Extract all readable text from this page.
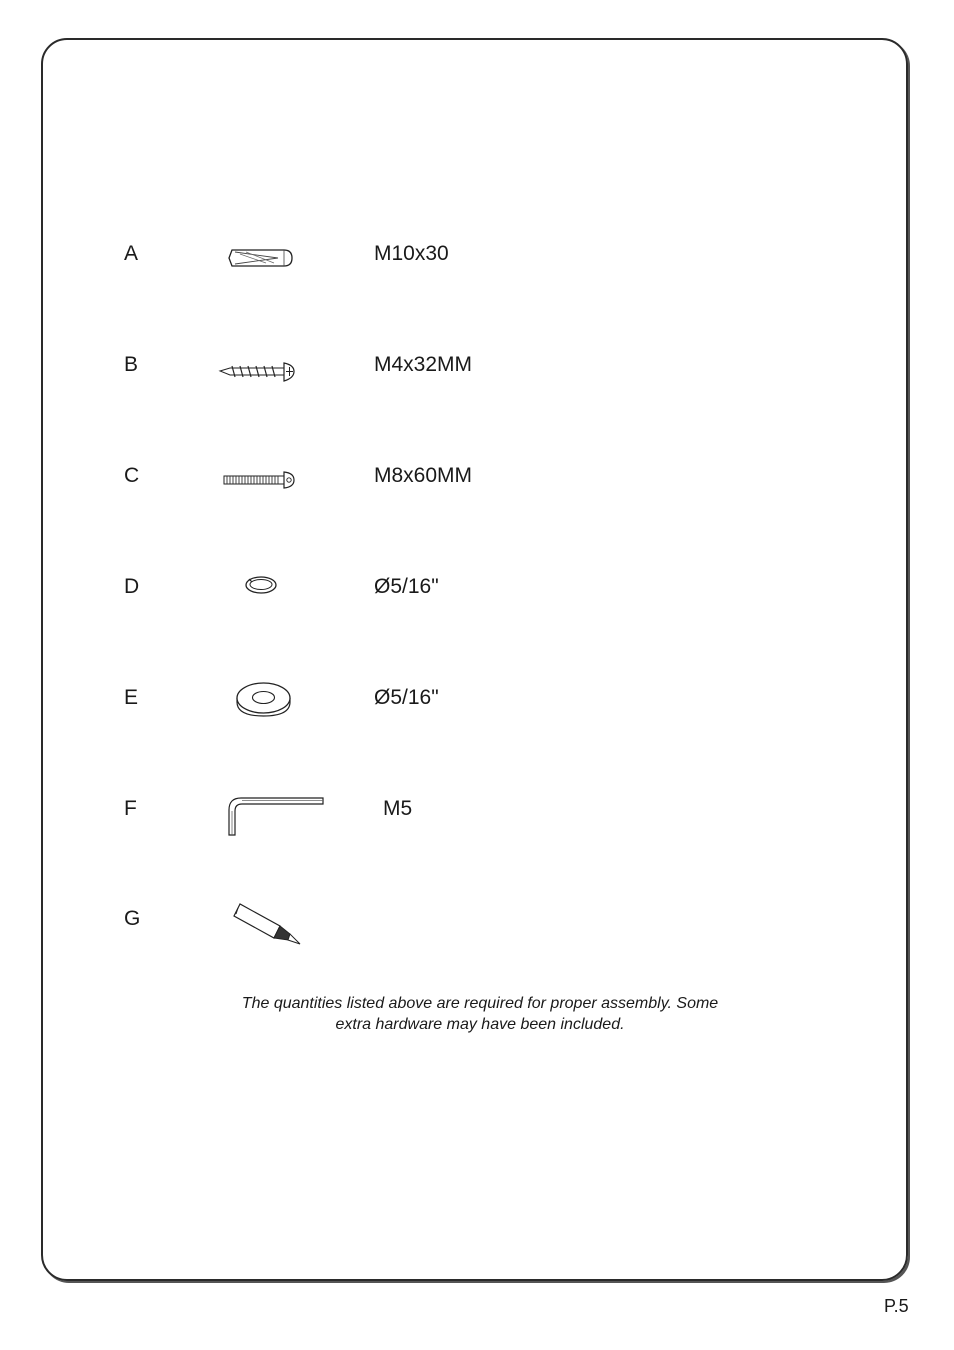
A	M10x30
B	M4x32MM
C	M8x60MM
D	Ø5/16"
E	Ø5/16"
F	M5
G
The quantities listed above are required for proper assembly. Some
extra hardware may have been included.
P.5
